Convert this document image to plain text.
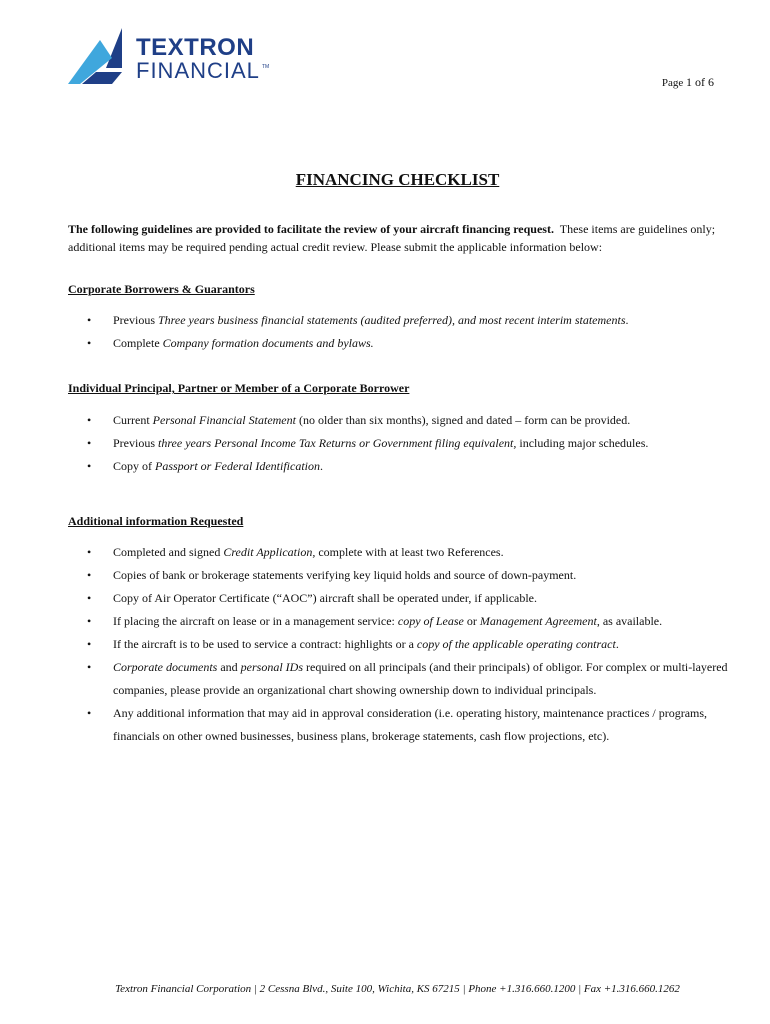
TEXTRON
FINANCIAL TM
Page 1 of 6
FINANCING CHECKLIST
The following guidelines are provided to facilitate the review of your aircraft financing request. These items are guidelines only; additional items may be required pending actual credit review. Please submit the applicable information below:
Corporate Borrowers & Guarantors
• Previous Three years business financial statements (audited preferred), and most recent interim statements.
• Complete Company formation documents and bylaws.
Individual Principal, Partner or Member of a Corporate Borrower
• Current Personal Financial Statement (no older than six months), signed and dated – form can be provided.
• Previous three years Personal Income Tax Returns or Government filing equivalent, including major schedules.
• Copy of Passport or Federal Identification.
Additional information Requested
• Completed and signed Credit Application, complete with at least two References.
• Copies of bank or brokerage statements verifying key liquid holds and source of down-payment.
• Copy of Air Operator Certificate (“AOC”) aircraft shall be operated under, if applicable.
• If placing the aircraft on lease or in a management service: copy of Lease or Management Agreement, as available.
• If the aircraft is to be used to service a contract: highlights or a copy of the applicable operating contract.
• Corporate documents and personal IDs required on all principals (and their principals) of obligor. For complex or multi-layered companies, please provide an organizational chart showing ownership down to individual principals.
• Any additional information that may aid in approval consideration (i.e. operating history, maintenance practices / programs, financials on other owned businesses, business plans, brokerage statements, cash flow projections, etc).
Textron Financial Corporation | 2 Cessna Blvd., Suite 100, Wichita, KS 67215 | Phone +1.316.660.1200 | Fax +1.316.660.1262
